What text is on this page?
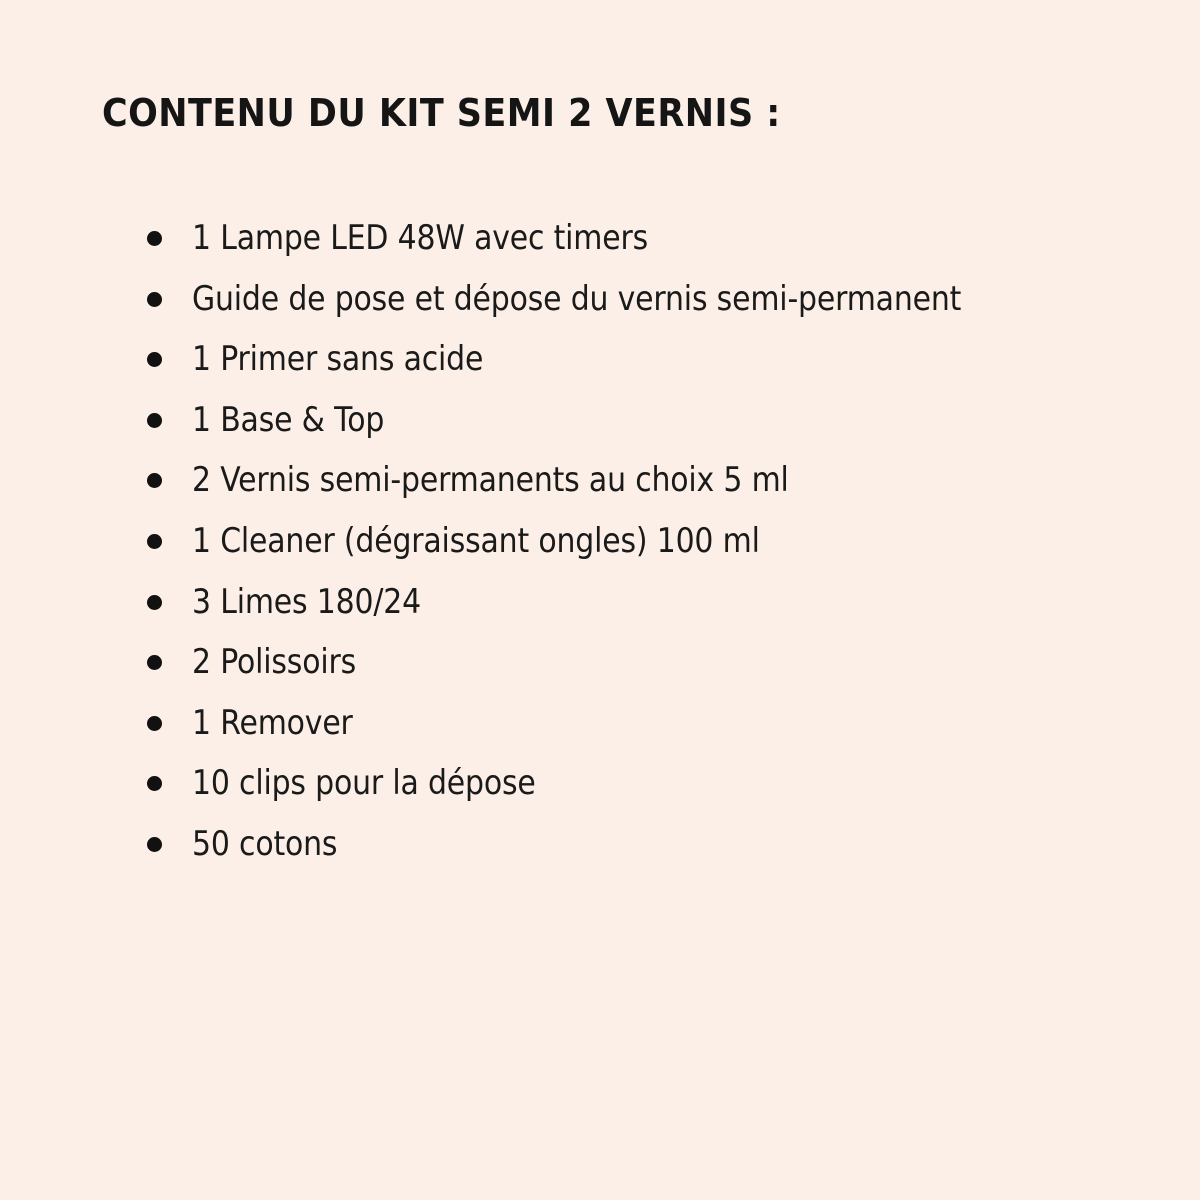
CONTENU DU KIT SEMI 2 VERNIS :
1 Lampe LED 48W avec timers
Guide de pose et dépose du vernis semi-permanent
1 Primer sans acide
1 Base & Top
2 Vernis semi-permanents au choix 5 ml
1 Cleaner (dégraissant ongles) 100 ml
3 Limes 180/24
2 Polissoirs
1 Remover
10 clips pour la dépose
50 cotons
